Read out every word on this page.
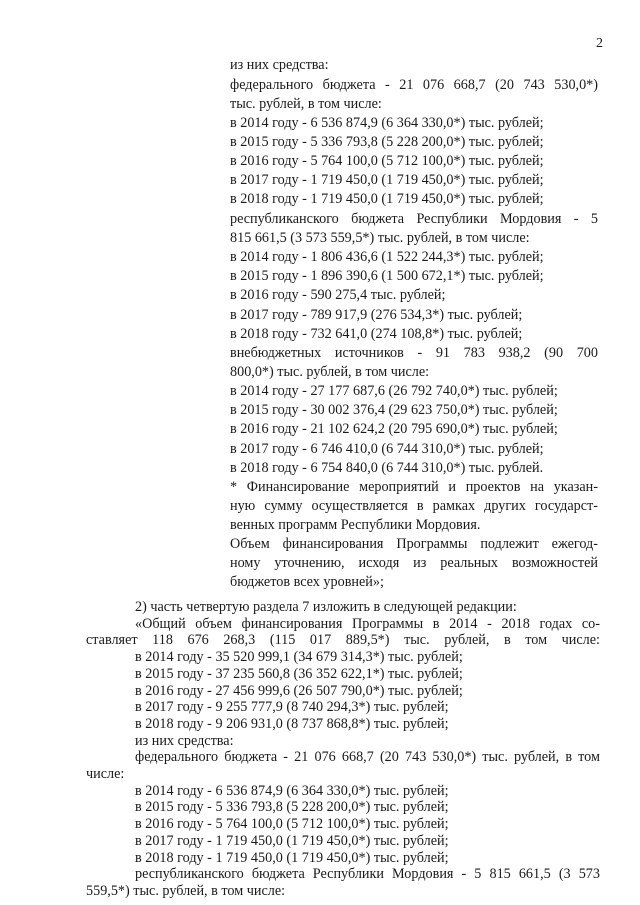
2
из них средства:
федерального бюджета - 21 076 668,7 (20 743 530,0*)
тыс. рублей, в том числе:
в 2014 году - 6 536 874,9 (6 364 330,0*) тыс. рублей;
в 2015 году - 5 336 793,8 (5 228 200,0*) тыс. рублей;
в 2016 году - 5 764 100,0 (5 712 100,0*) тыс. рублей;
в 2017 году - 1 719 450,0 (1 719 450,0*) тыс. рублей;
в 2018 году - 1 719 450,0 (1 719 450,0*) тыс. рублей;
республиканского бюджета Республики Мордовия - 5
815 661,5 (3 573 559,5*) тыс. рублей, в том числе:
в 2014 году - 1 806 436,6 (1 522 244,3*) тыс. рублей;
в 2015 году - 1 896 390,6 (1 500 672,1*) тыс. рублей;
в 2016 году - 590 275,4 тыс. рублей;
в 2017 году - 789 917,9 (276 534,3*) тыс. рублей;
в 2018 году - 732 641,0 (274 108,8*) тыс. рублей;
внебюджетных источников - 91 783 938,2 (90 700
800,0*) тыс. рублей, в том числе:
в 2014 году - 27 177 687,6 (26 792 740,0*) тыс. рублей;
в 2015 году - 30 002 376,4 (29 623 750,0*) тыс. рублей;
в 2016 году - 21 102 624,2 (20 795 690,0*) тыс. рублей;
в 2017 году - 6 746 410,0 (6 744 310,0*) тыс. рублей;
в 2018 году - 6 754 840,0 (6 744 310,0*) тыс. рублей.
* Финансирование мероприятий и проектов на указан-
ную сумму осуществляется в рамках других государст-
венных программ Республики Мордовия.
Объем финансирования Программы подлежит ежегод-
ному уточнению, исходя из реальных возможностей
бюджетов всех уровней»;
2) часть четвертую раздела 7 изложить в следующей редакции:
«Общий объем финансирования Программы в 2014 - 2018 годах со-
ставляет 118 676 268,3 (115 017 889,5*) тыс. рублей, в том числе:
в 2014 году - 35 520 999,1 (34 679 314,3*) тыс. рублей;
в 2015 году - 37 235 560,8 (36 352 622,1*) тыс. рублей;
в 2016 году - 27 456 999,6 (26 507 790,0*) тыс. рублей;
в 2017 году - 9 255 777,9 (8 740 294,3*) тыс. рублей;
в 2018 году - 9 206 931,0 (8 737 868,8*) тыс. рублей;
из них средства:
федерального бюджета - 21 076 668,7 (20 743 530,0*) тыс. рублей, в том
числе:
в 2014 году - 6 536 874,9 (6 364 330,0*) тыс. рублей;
в 2015 году - 5 336 793,8 (5 228 200,0*) тыс. рублей;
в 2016 году - 5 764 100,0 (5 712 100,0*) тыс. рублей;
в 2017 году - 1 719 450,0 (1 719 450,0*) тыс. рублей;
в 2018 году - 1 719 450,0 (1 719 450,0*) тыс. рублей;
республиканского бюджета Республики Мордовия - 5 815 661,5 (3 573
559,5*) тыс. рублей, в том числе:
